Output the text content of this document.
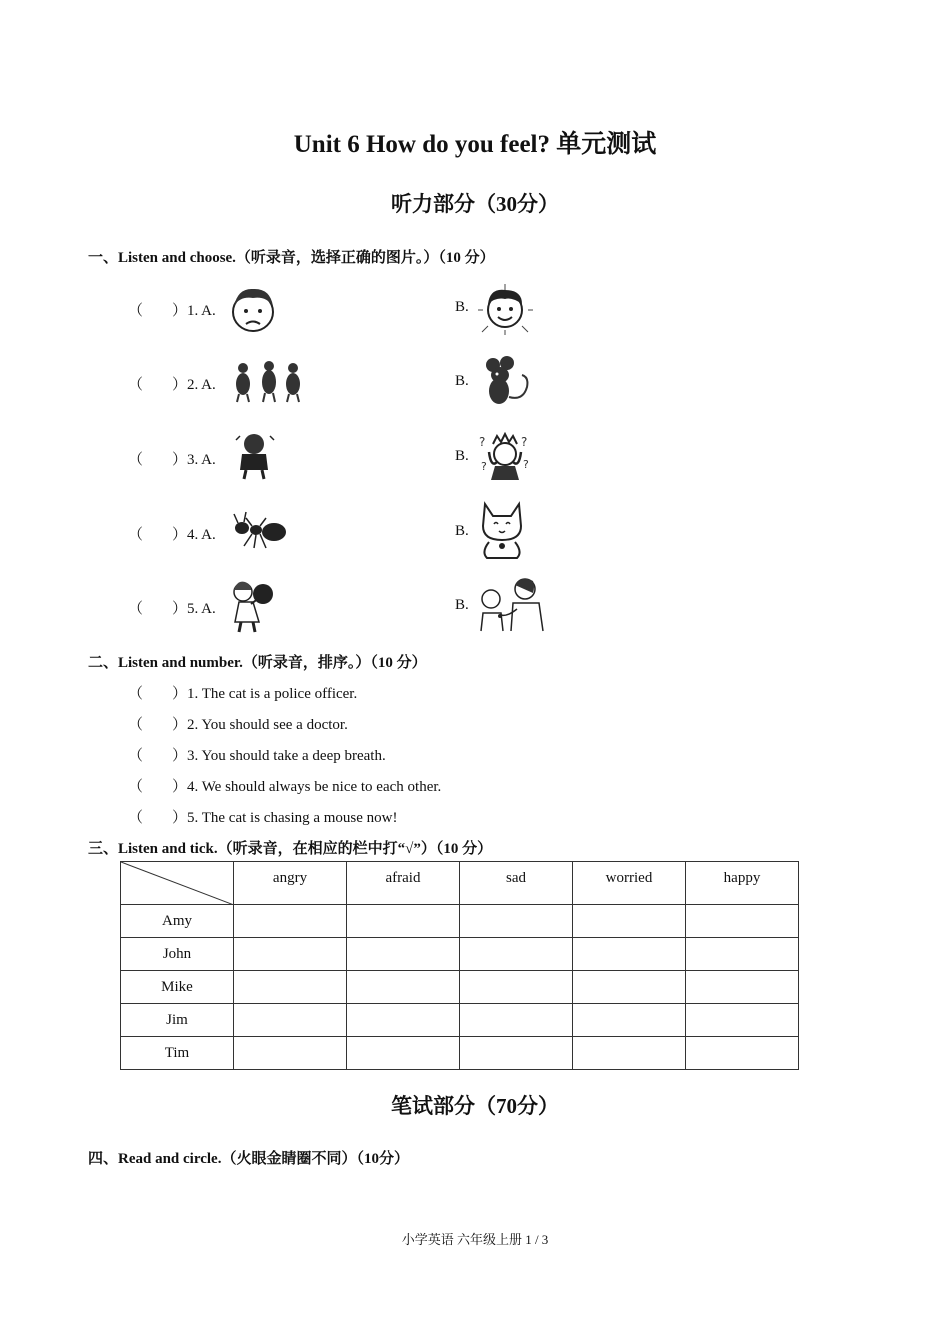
Unit 6 How do you feel? 单元测试
听力部分（30分）
一、Listen and choose.（听录音，选择正确的图片。）（10 分）
（ ）1. A.	B.
（ ）2. A.	B.
（ ）3. A.	B.
?	?
?	?
（ ）4. A.	B.
（ ）5. A.	B.
二、Listen and number.（听录音，排序。）（10 分）
（ ）1. The cat is a police officer.
（ ）2. You should see a doctor.
（ ）3. You should take a deep breath.
（ ）4. We should always be nice to each other.
（ ）5. The cat is chasing a mouse now!
三、Listen and tick.（听录音，在相应的栏中打“√”）（10 分）
	angry	afraid	sad	worried	happy
Amy					
John					
Mike					
Jim					
Tim					
笔试部分（70分）
四、Read and circle.（火眼金睛圈不同）（10分）
小学英语 六年级上册 1 / 3
